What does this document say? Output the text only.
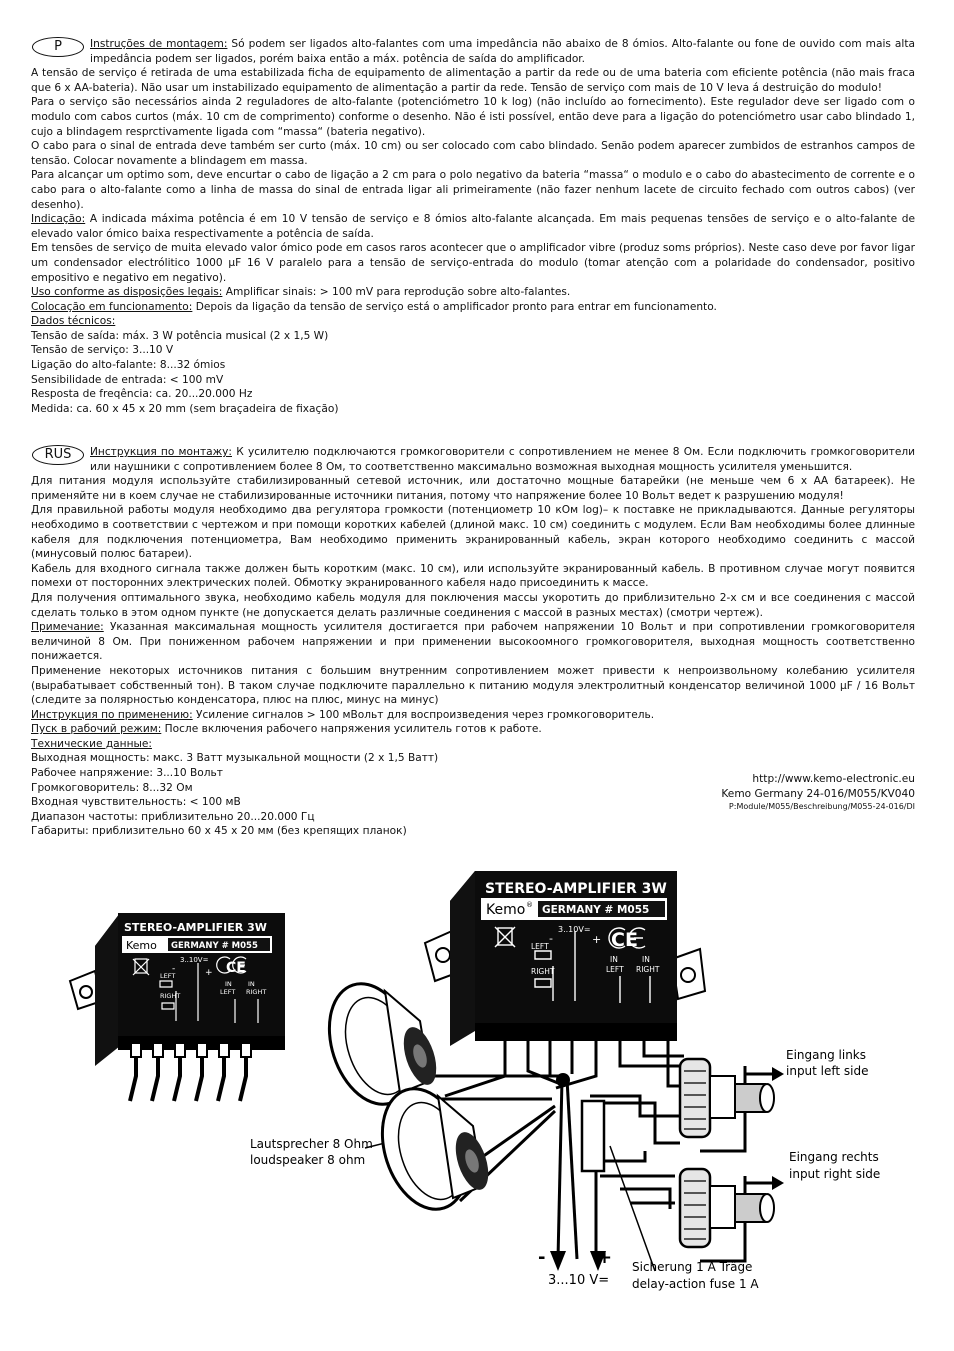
P	Instruções de montagem: Só podem ser ligados alto-falantes com uma impedância não abaixo de 8 ómios. Alto-falante ou fone de ouvido com mais alta impedância podem ser ligados, porém baixa então a máx. potência de saída do amplificador.

A tensão de serviço é retirada de uma estabilizada ficha de equipamento de alimentação a partir da rede ou de uma bateria com eficiente potência (não mais fraca que 6 x AA-bateria). Não usar um instabilizado equipamento de alimentação a partir da rede. Tensão de serviço com mais de 10 V leva á destruição do modulo!

Para o serviço são necessários ainda 2 reguladores de alto-falante (potenciómetro 10 k log) (não incluído ao fornecimento). Este regulador deve ser ligado com o modulo com cabos curtos (máx. 10 cm de comprimento) conforme o desenho. Não é isti possível, então deve para a ligação do potenciómetro usar cabo blindado 1, cujo a blindagem resprctivamente ligada com “massa“ (bateria negativo).

O cabo para o sinal de entrada deve também ser curto (máx. 10 cm) ou ser colocado com cabo blindado. Senão podem aparecer zumbidos de estranhos campos de tensão. Colocar novamente a blindagem em massa.

Para alcançar um optimo som, deve encurtar o cabo de ligação a 2 cm para o polo negativo da bateria “massa“ o modulo e o cabo do abastecimento de corrente e o cabo para o alto-falante como a linha de massa do sinal de entrada ligar ali primeiramente (não fazer nenhum lacete de circuito fechado com outros cabos) (ver desenho).

Indicação: A indicada máxima potência é em 10 V tensão de serviço e 8 ómios alto-falante alcançada. Em mais pequenas tensões de serviço e o alto-falante de elevado valor ómico baixa respectivamente a potência de saída.

Em tensões de serviço de muita elevado valor ómico pode em casos raros acontecer que o amplificador vibre (produz soms próprios). Neste caso deve por favor ligar um condensador electrólitico 1000 µF 16 V paralelo para a tensão de serviço-entrada do modulo (tomar atenção com a polaridade do condensador, positivo empositivo e negativo em negativo).

Uso conforme as disposições legais: Amplificar sinais: > 100 mV para reprodução sobre alto-falantes.

Colocação em funcionamento: Depois da ligação da tensão de serviço está o amplificador pronto para entrar em funcionamento.

Dados técnicos:

Tensão de saída: máx. 3 W potência musical (2 x 1,5 W)

Tensão de serviço: 3...10 V

Ligação do alto-falante: 8...32 ómios

Sensibilidade de entrada: < 100 mV

Resposta de freqência: ca. 20...20.000 Hz

Medida: ca. 60 x 45 x 20 mm (sem braçadeira de fixação)

RUS	Инструкция по монтажу: К усилителю подключаются громкоговорители с сопротивлением не менее 8 Ом. Если подключить громкоговорители или наушники с сопротивлением более 8 Ом, то соответственно максимально возможная выходная мощность усилителя уменьшится.

Для питания модуля используйте стабилизированный сетевой источник, или достаточно мощные батарейки (не меньше чем 6 х АА батареек). Не применяйте ни в коем случае не стабилизированные источники питания, потому что напряжение более 10 Вольт ведет к разрушению модуля!

Для правильной работы модуля необходимо два регулятора громкости (потенциометр 10 кОм log)– к поставке не прикладываются. Данные регуляторы необходимо в соответствии с чертежом и при помощи коротких кабелей (длиной макс. 10 см) соединить с модулем. Если Вам необходимы более длинные кабеля для подключения потенциометра, Вам необходимо применить экранированный кабель, экран которого необходимо соединить с массой (минусовый полюс батареи).

Кабель для входного сигнала также должен быть коротким (макс. 10 см), или используйте экранированный кабель. В противном случае могут появится помехи от посторонних электрических полей. Обмотку экранированного кабеля надо присоединить к массе.

Для получения оптимального звука, необходимо кабель модуля для поключения массы укоротить до приблизительно 2-х см и все соединения с массой сделать только в этом одном пункте (не допускается делать различные соединения с массой в разных местах) (смотри чертеж).

Примечание: Указанная максимальная мощность усилителя достигается при рабочем напряжении 10 Вольт и при сопротивлении громкоговорителя величиной 8 Ом. При пониженном рабочем напряжении и при применении высокоомного громкоговорителя, выходная мощность соответственно понижается.

Применение некоторых источников питания с большим внутренним сопротивлением может привести к непроизвольному колебанию усилителя (вырабатывает собственный тон). В таком случае подключите параллельно к питанию модуля электролитный конденсатор величиной 1000 µF / 16 Вольт (следите за полярностью конденсатора, плюс на плюс, минус на минус)

Инструкция по применению: Усиление сигналов > 100 мВольт для воспроизведения через громкоговоритель.

Пуск в рабочий режим: После включения рабочего напряжения усилитель готов к работе.

Технические данные:

Выходная мощность: макс. 3 Ватт музыкальной мощности (2 х 1,5 Ватт)

Рабочее напряжение: 3...10 Вольт

Громкоговоритель: 8...32 Ом

Входная чувствительность: < 100 мВ

Диапазон частоты: приблизительно 20...20.000 Гц

Габариты: приблизительно 60 х 45 х 20 мм (без крепящих планок)

http://www.kemo-electronic.eu
Kemo Germany 24-016/M055/KV040
P:Module/M055/Beschreibung/M055-24-016/DI
STEREO-AMPLIFIER 3W
Kemo GERMANY # M055
3..10V=
-	+ CE
LEFT
RIGHT
IN
LEFT
IN
RIGHT
STEREO-AMPLIFIER 3W
Kemo ® GERMANY # M055
3..10V=
-	+ CE
LEFT
RIGHT
IN
LEFT
IN
RIGHT
Eingang links
input left side
Eingang rechts
input right side
Lautsprecher 8 Ohm
loudspeaker 8 ohm
-	+
3...10 V=
Sicherung 1 A Träge
delay-action fuse 1 A
